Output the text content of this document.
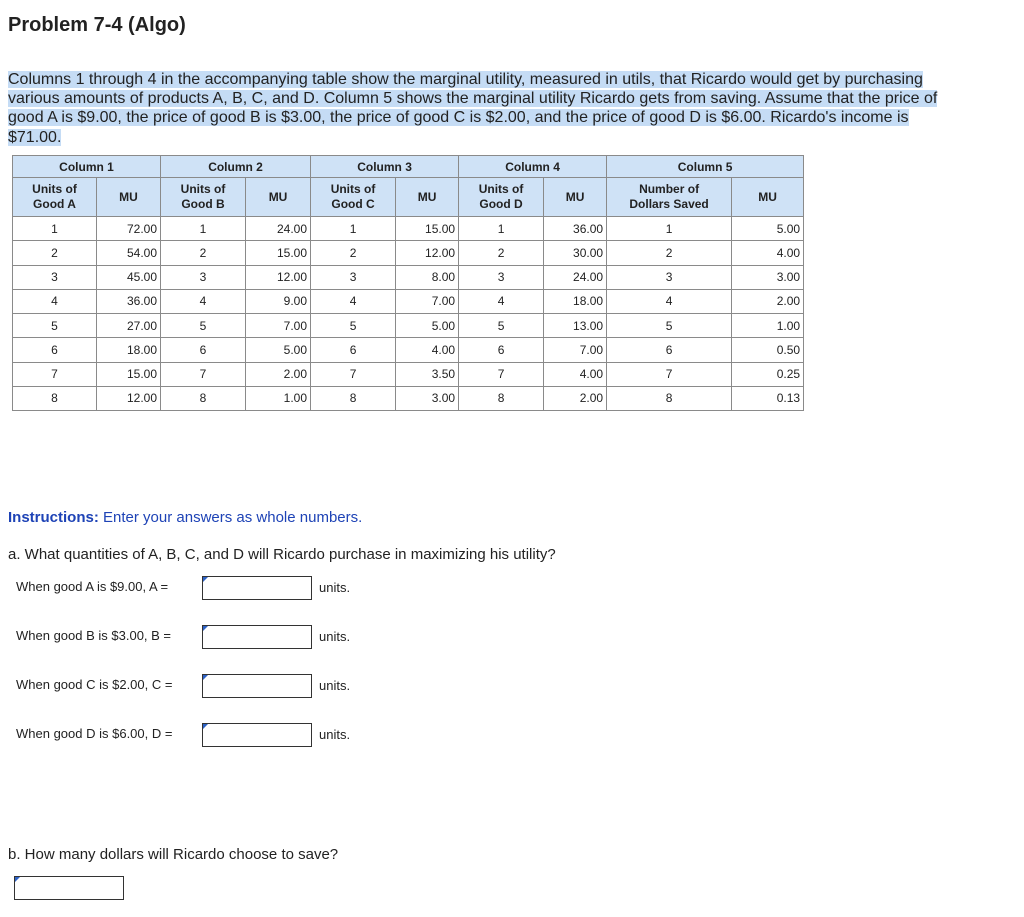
Problem 7-4 (Algo)
Columns 1 through 4 in the accompanying table show the marginal utility, measured in utils, that Ricardo would get by purchasing
various amounts of products A, B, C, and D. Column 5 shows the marginal utility Ricardo gets from saving. Assume that the price of
good A is $9.00, the price of good B is $3.00, the price of good C is $2.00, and the price of good D is $6.00. Ricardo's income is
$71.00.
Column 1		Column 2		Column 3		Column 4		Column 5	
Units of
Good A	MU	Units of
Good B	MU	Units of
Good C	MU	Units of
Good D	MU	Number of
Dollars Saved	MU
1	72.00	1	24.00	1	15.00	1	36.00	1	5.00
2	54.00	2	15.00	2	12.00	2	30.00	2	4.00
3	45.00	3	12.00	3	8.00	3	24.00	3	3.00
4	36.00	4	9.00	4	7.00	4	18.00	4	2.00
5	27.00	5	7.00	5	5.00	5	13.00	5	1.00
6	18.00	6	5.00	6	4.00	6	7.00	6	0.50
7	15.00	7	2.00	7	3.50	7	4.00	7	0.25
8	12.00	8	1.00	8	3.00	8	2.00	8	0.13
Instructions: Enter your answers as whole numbers.
a. What quantities of A, B, C, and D will Ricardo purchase in maximizing his utility?
When good A is $9.00, A =	units.
When good B is $3.00, B =	units.
When good C is $2.00, C =	units.
When good D is $6.00, D =	units.
b. How many dollars will Ricardo choose to save?
